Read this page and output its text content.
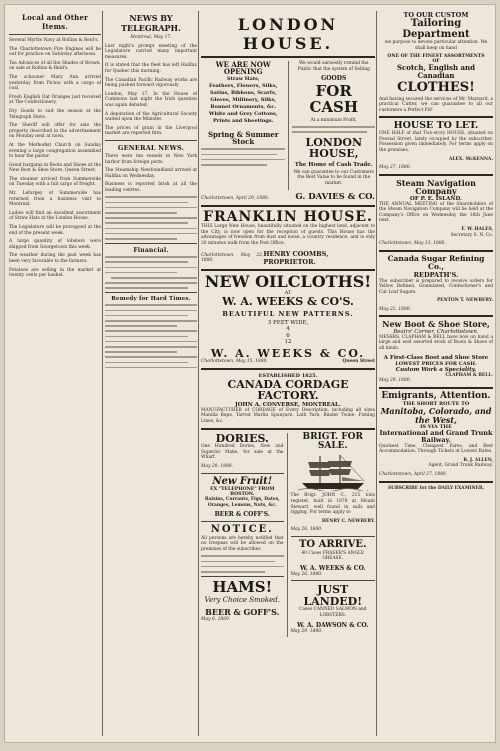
Local and Other Items.
Several Myrtle Navy at Rollins & Reid's.
The Charlottetown Fire Engines will be out for practice on Saturday afternoon.
Tea Advances of all the Shades of Brown, on sale at Rollins & Reid's.
The schooner Mary Ann arrived yesterday from Pictou with a cargo of coal.
Fresh English Oat Oranges just received at The Confectionery.
Dry Goods to suit the season at the Telegraph Store.
The Sheriff will offer for sale the property described in the advertisement on Monday next at noon.
At the Methodist Church on Sunday evening a large congregation assembled to hear the pastor.
Great bargains in Boots and Shoes at the New Boot & Shoe Store, Queen Street.
The steamer arrived from Summerside on Tuesday with a full cargo of freight.
Mr. Lefurgey of Summerside has returned from a business visit to Montreal.
Ladies will find an excellent assortment of Straw Hats at the London House.
The Legislature will be prorogued at the end of the present week.
A large quantity of lobsters were shipped from Georgetown this week.
The weather during the past week has been very favorable to the farmers.
Potatoes are selling in the market at twenty cents per bushel.
NEWS BY TELEGRAPH.
Montreal, May 17.
Last night's prompt meeting of the Legislature carried many important measures.
It is stated that the fleet has left Halifax for Quebec this morning.
The Canadian Pacific Railway works are being pushed forward vigorously.
London, May 17. In the House of Commons last night the Irish question was again debated.
A deputation of the Agricultural Society waited upon the Minister.
The prices of grain in the Liverpool market are reported firm.
GENERAL NEWS.
There were ten vessels in New York harbor from foreign ports.
The Steamship Newfoundland arrived at Halifax on Wednesday.
Business is reported brisk at all the leading centres.
Financial.
Remedy for Hard Times.
LONDON HOUSE.
WE ARE NOW OPENING
Straw Hats,
Feathers, Flowers, Silks,
Satins, Ribbons, Scarfs,
Gloves, Millinery, Silks,
Bonnet Ornaments, &c.
White and Grey Cottons,
Prints and Sheetings.
Spring & Summer Stock
We would earnestly remind the Public that the system of Selling
GOODS
FOR CASH
At a minimum Profit,
LONDON HOUSE,
The Home of Cash Trade.
We can guarantee to our Customers the Best Value to be found in the market.
Charlottetown, April 29, 1880.	G. DAVIES & CO.
FRANKLIN HOUSE.
THIS Large New House, beautifully situated on the highest land, adjacent to the City, is now open for the reception of guests. This House has the advantages of freedom from dust and noise, a country residence, and is only 20 minutes walk from the Post Office.
Charlottetown, May 22, 1880.
HENRY COOMBS, PROPRIETOR.
NEW OILCLOTHS!
AT
W. A. WEEKS & CO'S.
BEAUTIFUL NEW PATTERNS.
3 FEET WIDE,
4
6
12
W. A. WEEKS & CO.
Charlottetown, May 15, 1880.	Queen Street
ESTABLISHED 1825.
CANADA CORDAGE FACTORY.
JOHN A. CONVERSE, MONTREAL.
MANUFACTURER of CORDAGE of Every Description, including all sizes Manilla Rope, Tarred Marlin Spunyarn, Lath Yarn, Binder Twine, Fishing Lines, &c.
DORIES.
One Hundred Dories, New and Superior Make, for sale at the Wharf.
May 29, 1880.
New Fruit!
EX "TELEPHONE" FROM BOSTON.
Raisins, Currants, Figs, Dates, Oranges, Lemons, Nuts, &c.
BEER & COFF'S.
NOTICE.
All persons are hereby notified that no trespass will be allowed on the premises of the subscriber.
HAMS!
Very Choice Smoked.
BEER & GOFF'S.
May 6, 1880.
BRIGT. FOR SALE.
The Brigt. JOHN C., 215 tons register, built in 1878 at Mount Stewart, well found in sails and rigging. For terms apply to
HENRY C. NEWBERY.
May 26, 1880.
TO ARRIVE.
40 Cases FRASER'S ANGLE GREASE.
W. A. WEEKS & CO.
May 26, 1880.
JUST LANDED!
Cases CANNED SALMON and LOBSTERS.
W. A. DAWSON & CO.
May 29, 1880.
TO OUR CUSTOM
Tailoring Department
we purpose to devote particular attention. We shall keep on hand
ONE OF THE FINEST ASSORTMENTS
OF
Scotch, English and Canadian
CLOTHES!
And having secured the services of Mr. Maynard, a practical Cutter, we can guarantee to all our customers a Perfect Fit!
HOUSE TO LET.
ONE HALF of that Two-story HOUSE, situated on Pownal Street, lately occupied by the subscriber. Possession given immediately. For terms apply on the premises.
ALEX. McKENNA.
May 27, 1880.
Steam Navigation Company
OF P. E. ISLAND.
THE ANNUAL MEETING of the Shareholders of the Steam Navigation Company will be held at the Company's Office on Wednesday the 16th June next.
F. W. HALES,
Secretary S. N. Co.
Charlottetown, May 13, 1880.
Canada Sugar Refining Co.,
REDPATH'S.
The subscriber is prepared to receive orders for Yellow Refined, Granulated, Confectioner's and Cut Loaf Sugars.
PENTON T. NEWBERY.
May 22, 1880.
New Boot & Shoe Store,
Beairs' Corner, Charlottetown.
MESSRS. CLAPHAM & BELL have now on hand a large and well assorted stock of Boots & Shoes of all kinds.
A First-Class Boot and Shoe Store
LOWEST PRICES FOR CASH.
Custom Work a Speciality.
CLAPHAM & BELL.
May 29, 1880.
Emigrants, Attention.
THE SHORT ROUTE TO
Manitoba, Colorado, and the West,
IS VIA THE
International and Grand Trunk Railway.
Quickest Time, Cheapest Fares, and Best Accommodation. Through Tickets at Lowest Rates.
R. J. ALLEN,
Agent, Grand Trunk Railway.
Charlottetown, April 27, 1880.
SUBSCRIBE for the DAILY EXAMINER.
